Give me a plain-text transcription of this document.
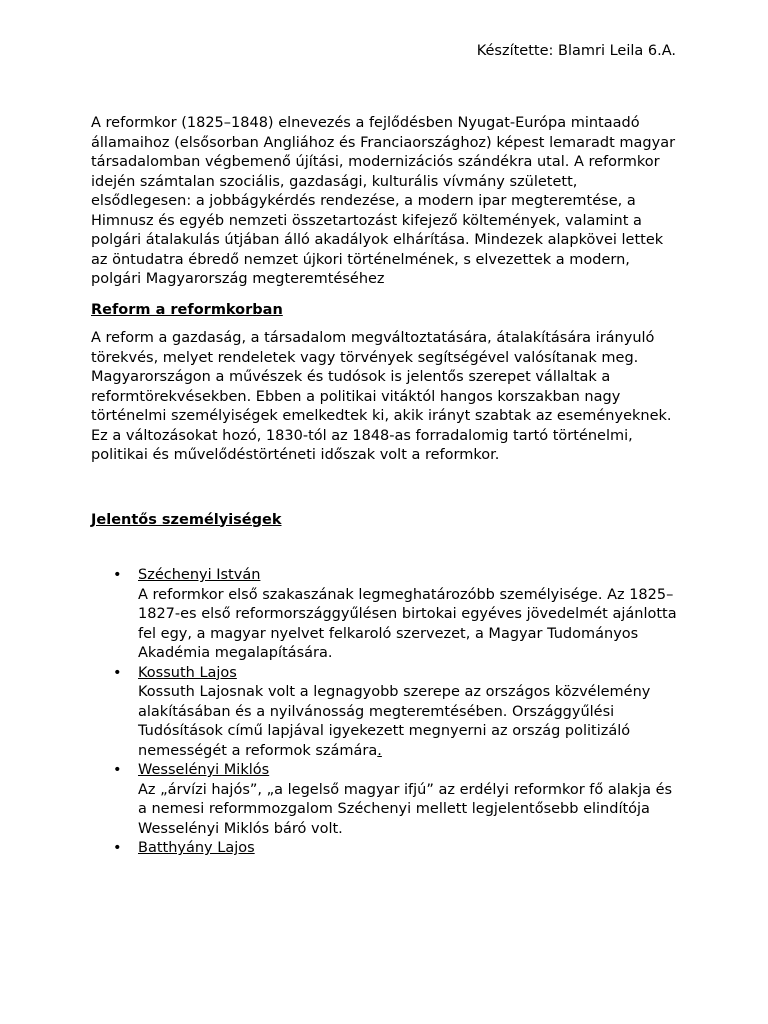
Készítette: Blamri Leila 6.A.

A reformkor (1825–1848) elnevezés a fejlődésben Nyugat-Európa mintaadó államaihoz (elsősorban Angliához és Franciaországhoz) képest lemaradt magyar társadalomban végbemenő újítási, modernizációs szándékra utal. A reformkor idején számtalan szociális, gazdasági, kulturális vívmány született, elsődlegesen: a jobbágykérdés rendezése, a modern ipar megteremtése, a Himnusz és egyéb nemzeti összetartozást kifejező költemények, valamint a polgári átalakulás útjában álló akadályok elhárítása. Mindezek alapkövei lettek az öntudatra ébredő nemzet újkori történelmének, s elvezettek a modern, polgári Magyarország megteremtéséhez

Reform a reformkorban

A reform a gazdaság, a társadalom megváltoztatására, átalakítására irányuló törekvés, melyet rendeletek vagy törvények segítségével valósítanak meg. Magyarországon a művészek és tudósok is jelentős szerepet vállaltak a reformtörekvésekben. Ebben a politikai vitáktól hangos korszakban nagy történelmi személyiségek emelkedtek ki, akik irányt szabtak az eseményeknek. Ez a változásokat hozó, 1830-tól az 1848-as forradalomig tartó történelmi, politikai és művelődéstörténeti időszak volt a reformkor.

Jelentős személyiségek
• Széchenyi István
A reformkor első szakaszának legmeghatározóbb személyisége. Az 1825–1827-es első reformországgyűlésen birtokai egyéves jövedelmét ajánlotta fel egy, a magyar nyelvet felkaroló szervezet, a Magyar Tudományos Akadémia megalapítására.
• Kossuth Lajos
Kossuth Lajosnak volt a legnagyobb szerepe az országos közvélemény alakításában és a nyilvánosság megteremtésében. Országgyűlési Tudósítások című lapjával igyekezett megnyerni az ország politizáló nemességét a reformok számára.
• Wesselényi Miklós
Az „árvízi hajós”, „a legelső magyar ifjú” az erdélyi reformkor fő alakja és a nemesi reformmozgalom Széchenyi mellett legjelentősebb elindítója Wesselényi Miklós báró volt.
• Batthyány Lajos
